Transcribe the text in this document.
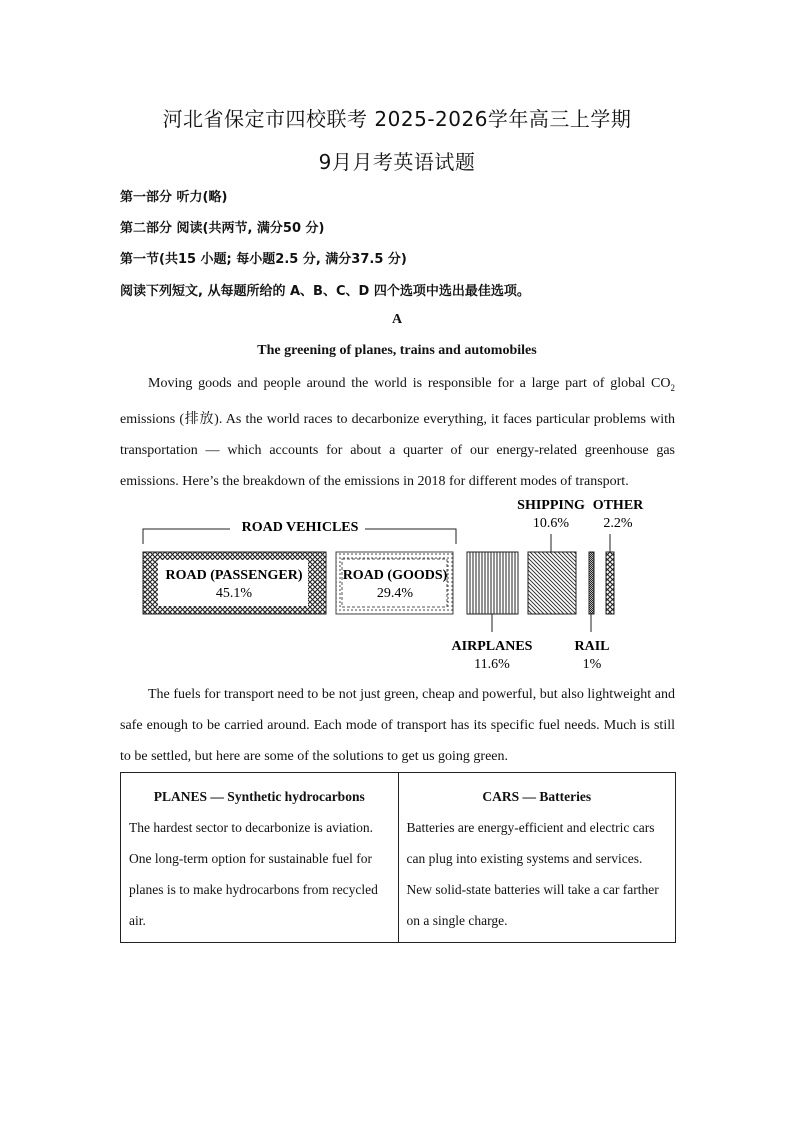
河北省保定市四校联考 2025-2026学年高三上学期
9月月考英语试题
第一部分 听力(略)
第二部分 阅读(共两节, 满分50 分)
第一节(共15 小题; 每小题2.5 分, 满分37.5 分)
阅读下列短文, 从每题所给的 A、B、C、D 四个选项中选出最佳选项。
A
The greening of planes, trains and automobiles
Moving goods and people around the world is responsible for a large part of global $CO_2$ emissions (排放). As the world races to decarbonize everything, it faces particular problems with transportation — which accounts for about a quarter of our energy-related greenhouse gas emissions. Here’s the breakdown of the emissions in 2018 for different modes of transport.
ROAD VEHICLES
ROAD (PASSENGER)
45.1%
ROAD (GOODS)
29.4%
AIRPLANES
11.6%
SHIPPING
10.6%
RAIL
1%
OTHER
2.2%
The fuels for transport need to be not just green, cheap and powerful, but also lightweight and safe enough to be carried around. Each mode of transport has its specific fuel needs. Much is still to be settled, but here are some of the solutions to get us going green.
PLANES — Synthetic hydrocarbons
The hardest sector to decarbonize is aviation. One long-term option for sustainable fuel for planes is to make hydrocarbons from recycled air.	
CARS — Batteries
Batteries are energy-efficient and electric cars can plug into existing systems and services. New solid-state batteries will take a car farther on a single charge.
